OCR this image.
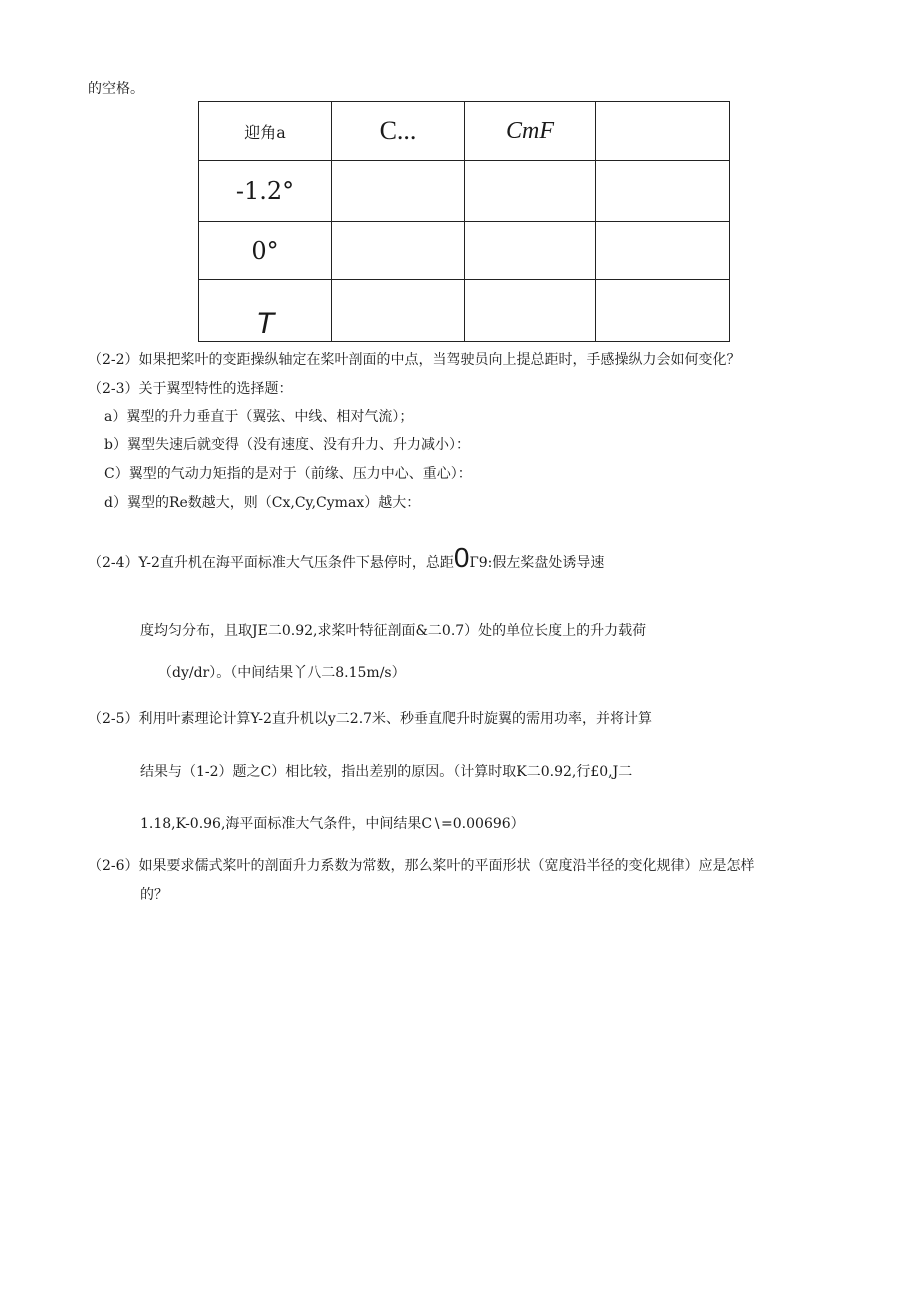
的空格。
迎角a	C...	CmF	
-1.2°			
0°			
T			
（2-2）如果把桨叶的变距操纵轴定在桨叶剖面的中点，当驾驶员向上提总距时，手感操纵力会如何变化？
（2-3）关于翼型特性的选择题：
a）翼型的升力垂直于（翼弦、中线、相对气流）；
b）翼型失速后就变得（没有速度、没有升力、升力减小）：
C）翼型的气动力矩指的是对于（前缘、压力中心、重心）：
d）翼型的Re数越大，则（Cx,Cy,Cymax）越大：
（2-4）Y-2直升机在海平面标准大气压条件下悬停时，总距0Г9:假左桨盘处诱导速
度均匀分布，且取JE二0.92,求桨叶特征剖面&二0.7）处的单位长度上的升力载荷
（dy/dr）。（中间结果丫八二8.15m∕s）
（2-5）利用叶素理论计算Y-2直升机以y二2.7米、秒垂直爬升时旋翼的需用功率，并将计算
结果与（1-2）题之C）相比较，指出差别的原因。（计算时取K二0.92,行£0,J二
1.18,K-0.96,海平面标准大气条件，中间结果C∖=0.00696）
（2-6）如果要求儒式桨叶的剖面升力系数为常数，那么桨叶的平面形状（宽度沿半径的变化规律）应是怎样
的？
